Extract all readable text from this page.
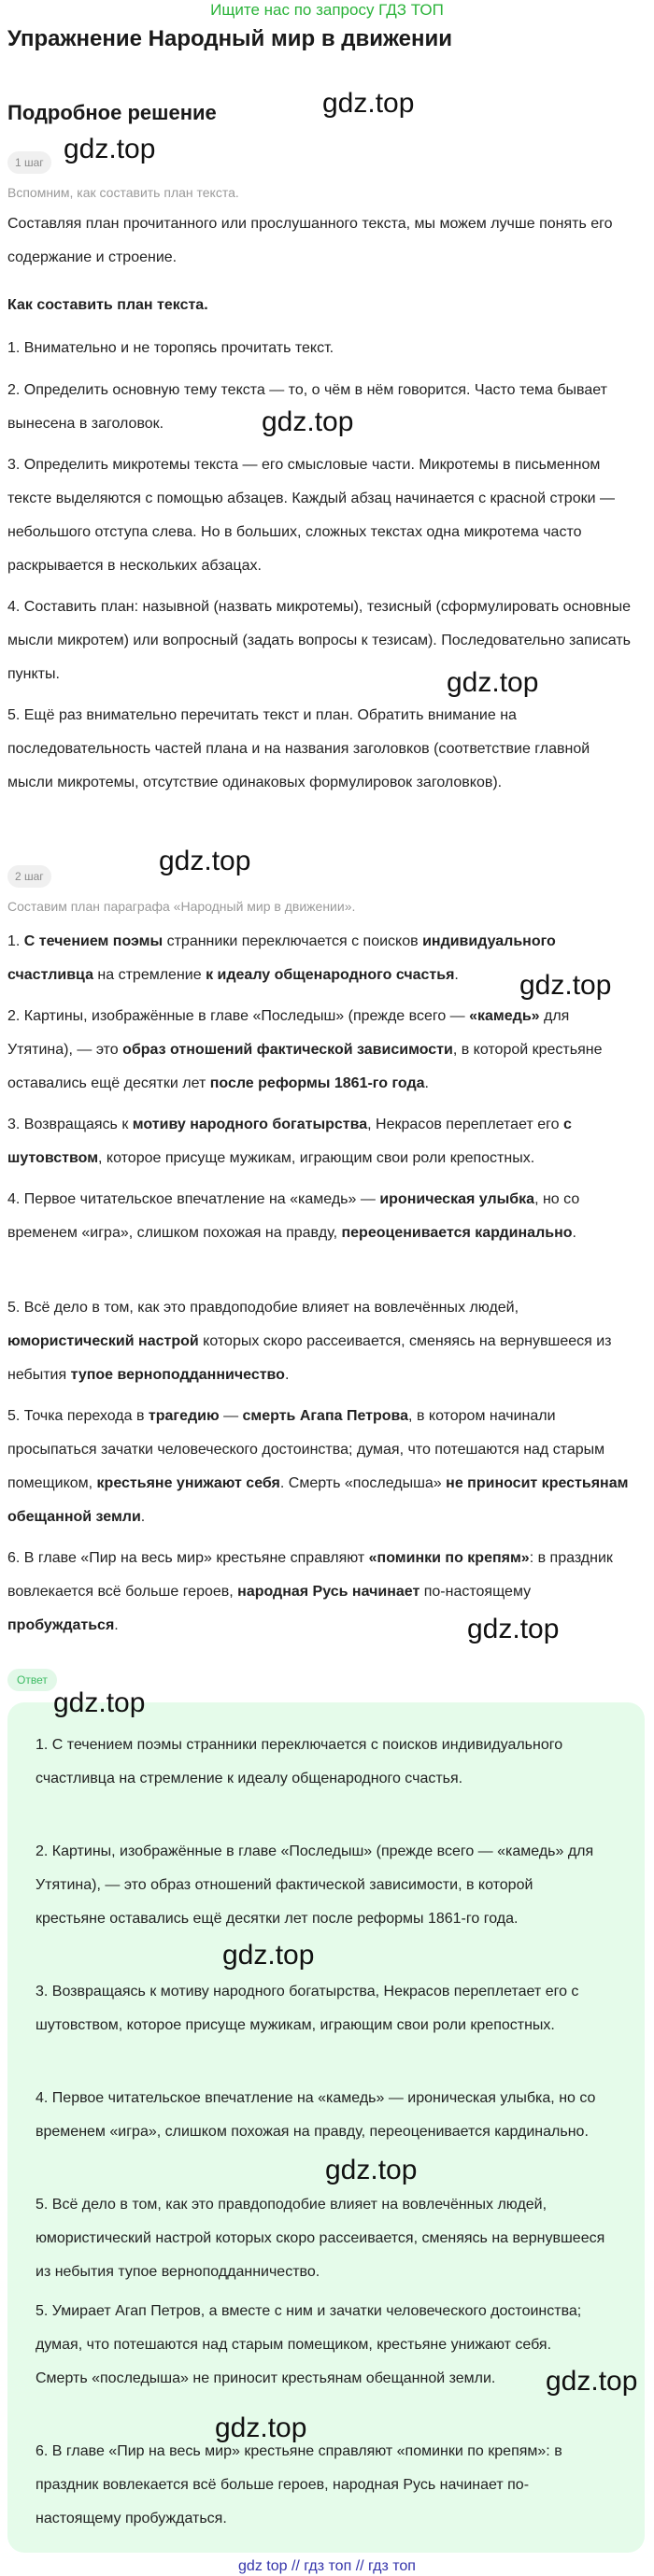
Ищите нас по запросу ГДЗ ТОП
Упражнение Народный мир в движении
Подробное решение
1 шаг
Вспомним, как составить план текста.

Составляя план прочитанного или прослушанного текста, мы можем лучше понять его содержание и строение.

Как составить план текста.

1. Внимательно и не торопясь прочитать текст.

2. Определить основную тему текста — то, о чём в нём говорится. Часто тема бывает вынесена в заголовок.

3. Определить микротемы текста — его смысловые части. Микротемы в письменном тексте выделяются с помощью абзацев. Каждый абзац начинается с красной строки — небольшого отступа слева. Но в больших, сложных текстах одна микротема часто раскрывается в нескольких абзацах.

4. Составить план: назывной (назвать микротемы), тезисный (сформулировать основные мысли микротем) или вопросный (задать вопросы к тезисам). Последовательно записать пункты.

5. Ещё раз внимательно перечитать текст и план. Обратить внимание на последовательность частей плана и на названия заголовков (соответствие главной мысли микротемы, отсутствие одинаковых формулировок заголовков).

2 шаг
Составим план параграфа «Народный мир в движении».

1. С течением поэмы странники переключается с поисков индивидуального счастливца на стремление к идеалу общенародного счастья.

2. Картины, изображённые в главе «Последыш» (прежде всего — «камедь» для Утятина), — это образ отношений фактической зависимости, в которой крестьяне оставались ещё десятки лет после реформы 1861-го года.

3. Возвращаясь к мотиву народного богатырства, Некрасов переплетает его с шутовством, которое присуще мужикам, играющим свои роли крепостных.

4. Первое читательское впечатление на «камедь» — ироническая улыбка, но со временем «игра», слишком похожая на правду, переоценивается кардинально.

5. Всё дело в том, как это правдоподобие влияет на вовлечённых людей, юмористический настрой которых скоро рассеивается, сменяясь на вернувшееся из небытия тупое верноподданничество.

5. Точка перехода в трагедию — смерть Агапа Петрова, в котором начинали просыпаться зачатки человеческого достоинства; думая, что потешаются над старым помещиком, крестьяне унижают себя. Смерть «последыша» не приносит крестьянам обещанной земли.

6. В главе «Пир на весь мир» крестьяне справляют «поминки по крепям»: в праздник вовлекается всё больше героев, народная Русь начинает по-настоящему пробуждаться.

Ответ

1. С течением поэмы странники переключается с поисков индивидуального счастливца на стремление к идеалу общенародного счастья.

2. Картины, изображённые в главе «Последыш» (прежде всего — «камедь» для Утятина), — это образ отношений фактической зависимости, в которой крестьяне оставались ещё десятки лет после реформы 1861-го года.

3. Возвращаясь к мотиву народного богатырства, Некрасов переплетает его с шутовством, которое присуще мужикам, играющим свои роли крепостных.

4. Первое читательское впечатление на «камедь» — ироническая улыбка, но со временем «игра», слишком похожая на правду, переоценивается кардинально.

5. Всё дело в том, как это правдоподобие влияет на вовлечённых людей, юмористический настрой которых скоро рассеивается, сменяясь на вернувшееся из небытия тупое верноподданничество.

5. Умирает Агап Петров, а вместе с ним и зачатки человеческого достоинства; думая, что потешаются над старым помещиком, крестьяне унижают себя. Смерть «последыша» не приносит крестьянам обещанной земли.

6. В главе «Пир на весь мир» крестьяне справляют «поминки по крепям»: в праздник вовлекается всё больше героев, народная Русь начинает по-настоящему пробуждаться.

gdz.top
gdz.top
gdz.top
gdz.top
gdz.top
gdz.top
gdz.top
gdz.top
gdz.top
gdz.top
gdz.top
gdz.top
gdz top // гдз топ // гдз топ
